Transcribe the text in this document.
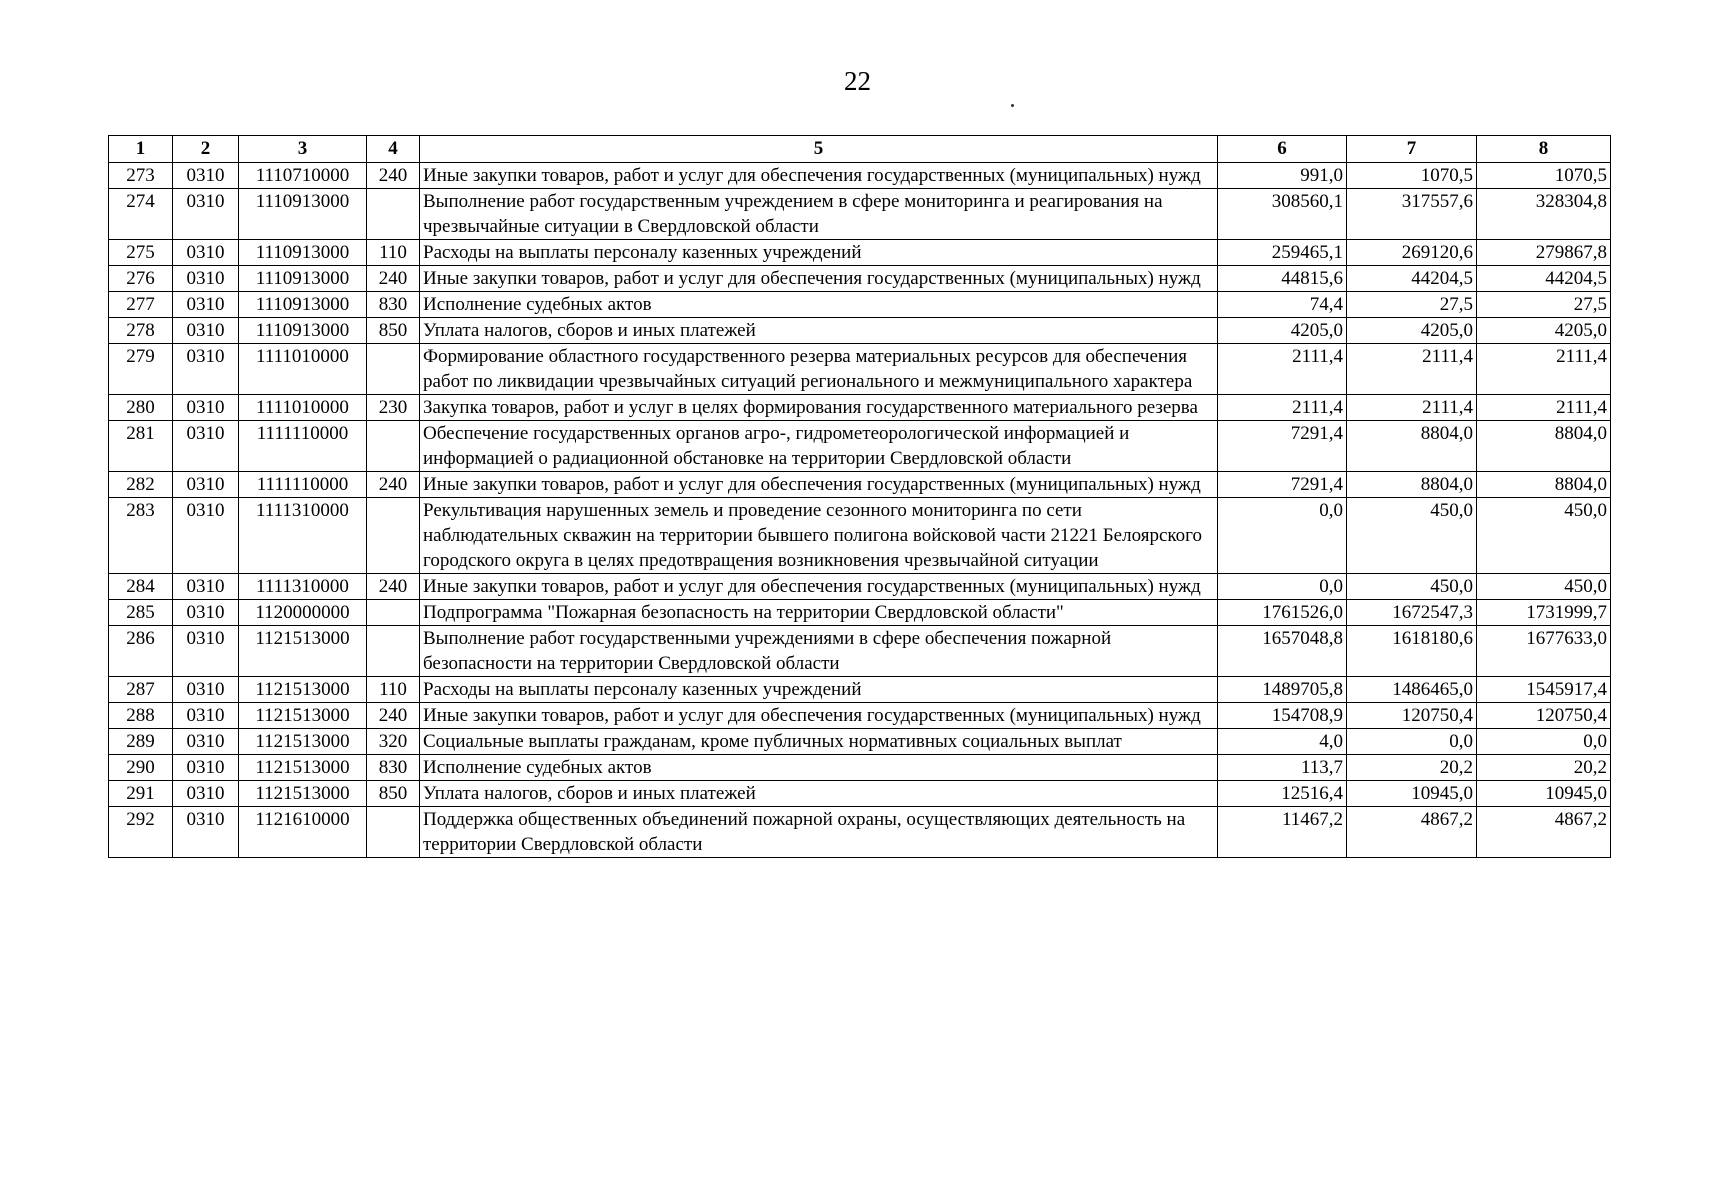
22
1	2	3	4	5	6	7	8
273	0310	1110710000	240	Иные закупки товаров, работ и услуг для обеспечения государственных (муниципальных) нужд	991,0	1070,5	1070,5
274	0310	1110913000		Выполнение работ государственным учреждением в сфере мониторинга и реагирования на чрезвычайные ситуации в Свердловской области	308560,1	317557,6	328304,8
275	0310	1110913000	110	Расходы на выплаты персоналу казенных учреждений	259465,1	269120,6	279867,8
276	0310	1110913000	240	Иные закупки товаров, работ и услуг для обеспечения государственных (муниципальных) нужд	44815,6	44204,5	44204,5
277	0310	1110913000	830	Исполнение судебных актов	74,4	27,5	27,5
278	0310	1110913000	850	Уплата налогов, сборов и иных платежей	4205,0	4205,0	4205,0
279	0310	1111010000		Формирование областного государственного резерва материальных ресурсов для обеспечения работ по ликвидации чрезвычайных ситуаций регионального и межмуниципального характера	2111,4	2111,4	2111,4
280	0310	1111010000	230	Закупка товаров, работ и услуг в целях формирования государственного материального резерва	2111,4	2111,4	2111,4
281	0310	1111110000		Обеспечение государственных органов агро-, гидрометеорологической информацией и информацией о радиационной обстановке на территории Свердловской области	7291,4	8804,0	8804,0
282	0310	1111110000	240	Иные закупки товаров, работ и услуг для обеспечения государственных (муниципальных) нужд	7291,4	8804,0	8804,0
283	0310	1111310000		Рекультивация нарушенных земель и проведение сезонного мониторинга по сети наблюдательных скважин на территории бывшего полигона войсковой части 21221 Белоярского городского округа в целях предотвращения возникновения чрезвычайной ситуации	0,0	450,0	450,0
284	0310	1111310000	240	Иные закупки товаров, работ и услуг для обеспечения государственных (муниципальных) нужд	0,0	450,0	450,0
285	0310	1120000000		Подпрограмма "Пожарная безопасность на территории Свердловской области"	1761526,0	1672547,3	1731999,7
286	0310	1121513000		Выполнение работ государственными учреждениями в сфере обеспечения пожарной безопасности на территории Свердловской области	1657048,8	1618180,6	1677633,0
287	0310	1121513000	110	Расходы на выплаты персоналу казенных учреждений	1489705,8	1486465,0	1545917,4
288	0310	1121513000	240	Иные закупки товаров, работ и услуг для обеспечения государственных (муниципальных) нужд	154708,9	120750,4	120750,4
289	0310	1121513000	320	Социальные выплаты гражданам, кроме публичных нормативных социальных выплат	4,0	0,0	0,0
290	0310	1121513000	830	Исполнение судебных актов	113,7	20,2	20,2
291	0310	1121513000	850	Уплата налогов, сборов и иных платежей	12516,4	10945,0	10945,0
292	0310	1121610000		Поддержка общественных объединений пожарной охраны, осуществляющих деятельность на территории Свердловской области	11467,2	4867,2	4867,2
